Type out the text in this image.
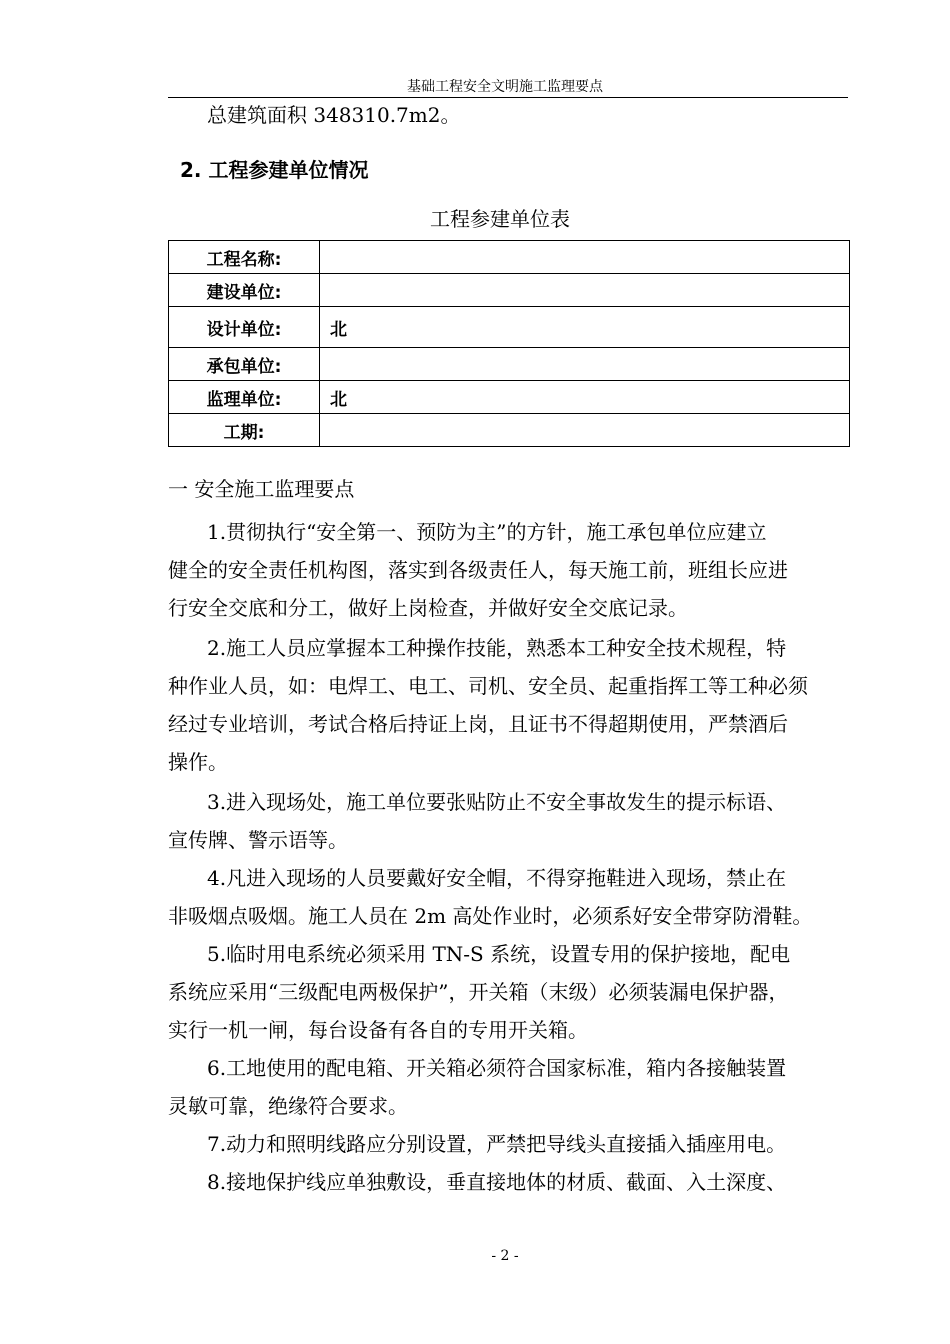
基础工程安全文明施工监理要点
总建筑面积 348310.7m2。
2. 工程参建单位情况
工程参建单位表
工程名称:	
建设单位:	
设计单位:	北
承包单位:	
监理单位:	北
工期:	
一 安全施工监理要点
1.贯彻执行“安全第一、预防为主”的方针，施工承包单位应建立
健全的安全责任机构图，落实到各级责任人，每天施工前，班组长应进
行安全交底和分工，做好上岗检查，并做好安全交底记录。
2.施工人员应掌握本工种操作技能，熟悉本工种安全技术规程，特
种作业人员，如：电焊工、电工、司机、安全员、起重指挥工等工种必须
经过专业培训，考试合格后持证上岗，且证书不得超期使用，严禁酒后
操作。
3.进入现场处，施工单位要张贴防止不安全事故发生的提示标语、
宣传牌、警示语等。
4.凡进入现场的人员要戴好安全帽，不得穿拖鞋进入现场，禁止在
非吸烟点吸烟。施工人员在 2m 高处作业时，必须系好安全带穿防滑鞋。
5.临时用电系统必须采用 TN-S 系统，设置专用的保护接地，配电
系统应采用“三级配电两极保护”，开关箱（末级）必须装漏电保护器，
实行一机一闸，每台设备有各自的专用开关箱。
6.工地使用的配电箱、开关箱必须符合国家标准，箱内各接触装置
灵敏可靠，绝缘符合要求。
7.动力和照明线路应分别设置，严禁把导线头直接插入插座用电。
8.接地保护线应单独敷设，垂直接地体的材质、截面、入土深度、
- 2 -
